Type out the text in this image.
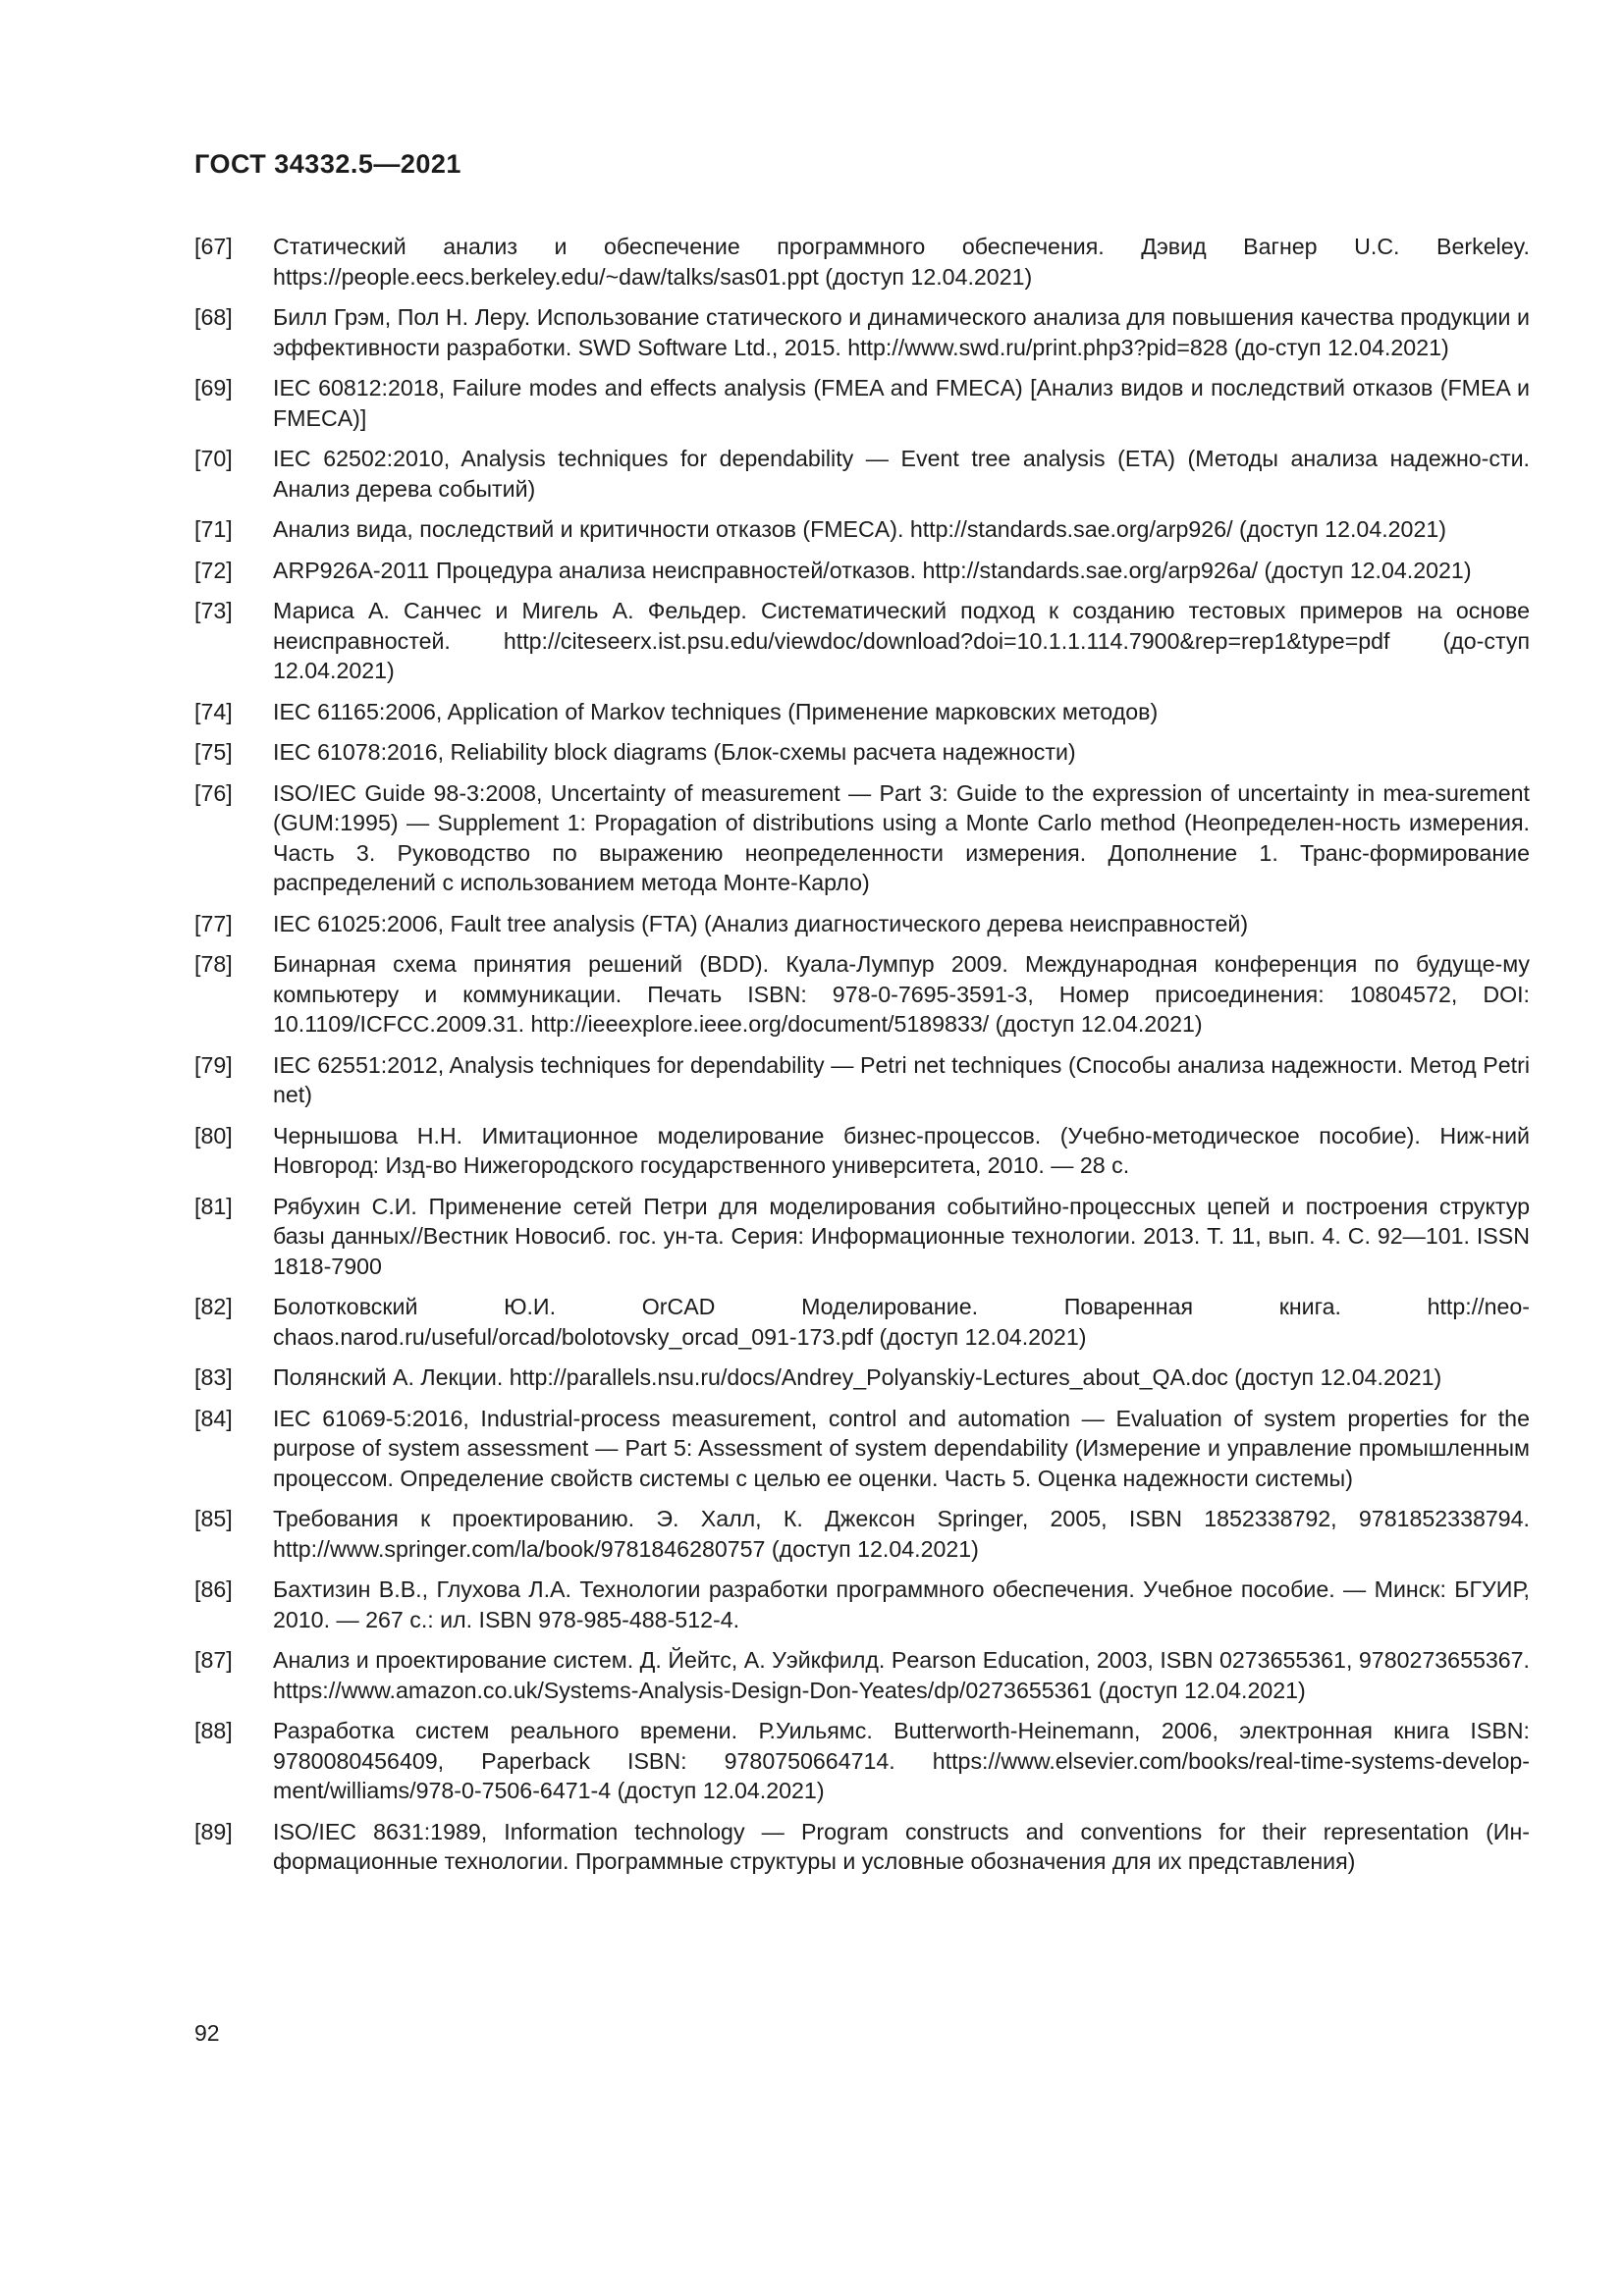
ГОСТ 34332.5—2021
[67]	Статический анализ и обеспечение программного обеспечения. Дэвид Вагнер U.C. Berkeley. https://people.eecs.berkeley.edu/~daw/talks/sas01.ppt (доступ 12.04.2021)
[68]	Билл Грэм, Пол Н. Леру. Использование статического и динамического анализа для повышения качества продукции и эффективности разработки. SWD Software Ltd., 2015. http://www.swd.ru/print.php3?pid=828 (до-ступ 12.04.2021)
[69]	IEC 60812:2018, Failure modes and effects analysis (FMEA and FMECA) [Анализ видов и последствий отказов (FMEA и FMECA)]
[70]	IEC 62502:2010, Analysis techniques for dependability — Event tree analysis (ETA) (Методы анализа надежно-сти. Анализ дерева событий)
[71]	Анализ вида, последствий и критичности отказов (FMECA). http://standards.sae.org/arp926/ (доступ 12.04.2021)
[72]	ARP926A-2011 Процедура анализа неисправностей/отказов. http://standards.sae.org/arp926a/ (доступ 12.04.2021)
[73]	Мариса А. Санчес и Мигель А. Фельдер. Систематический подход к созданию тестовых примеров на основе неисправностей. http://citeseerx.ist.psu.edu/viewdoc/download?doi=10.1.1.114.7900&rep=rep1&type=pdf (до-ступ 12.04.2021)
[74]	IEC 61165:2006, Application of Markov techniques (Применение марковских методов)
[75]	IEC 61078:2016, Reliability block diagrams (Блок-схемы расчета надежности)
[76]	ISO/IEC Guide 98-3:2008, Uncertainty of measurement — Part 3: Guide to the expression of uncertainty in mea-surement (GUM:1995) — Supplement 1: Propagation of distributions using a Monte Carlo method (Неопределен-ность измерения. Часть 3. Руководство по выражению неопределенности измерения. Дополнение 1. Транс-формирование распределений с использованием метода Монте-Карло)
[77]	IEC 61025:2006, Fault tree analysis (FTA) (Анализ диагностического дерева неисправностей)
[78]	Бинарная схема принятия решений (BDD). Куала-Лумпур 2009. Международная конференция по будуще-му компьютеру и коммуникации. Печать ISBN: 978-0-7695-3591-3, Номер присоединения: 10804572, DOI: 10.1109/ICFCC.2009.31. http://ieeexplore.ieee.org/document/5189833/ (доступ 12.04.2021)
[79]	IEC 62551:2012, Analysis techniques for dependability — Petri net techniques (Способы анализа надежности. Метод Petri net)
[80]	Чернышова Н.Н. Имитационное моделирование бизнес-процессов. (Учебно-методическое пособие). Ниж-ний Новгород: Изд-во Нижегородского государственного университета, 2010. — 28 с.
[81]	Рябухин С.И. Применение сетей Петри для моделирования событийно-процессных цепей и построения структур базы данных//Вестник Новосиб. гос. ун-та. Серия: Информационные технологии. 2013. Т. 11, вып. 4. С. 92—101. ISSN 1818-7900
[82]	Болотковский Ю.И. OrCAD Моделирование. Поваренная книга. http://neo-chaos.narod.ru/useful/orcad/bolotovsky_orcad_091-173.pdf (доступ 12.04.2021)
[83]	Полянский А. Лекции. http://parallels.nsu.ru/docs/Andrey_Polyanskiy-Lectures_about_QA.doc (доступ 12.04.2021)
[84]	IEC 61069-5:2016, Industrial-process measurement, control and automation — Evaluation of system properties for the purpose of system assessment — Part 5: Assessment of system dependability (Измерение и управление промышленным процессом. Определение свойств системы с целью ее оценки. Часть 5. Оценка надежности системы)
[85]	Требования к проектированию. Э. Халл, К. Джексон Springer, 2005, ISBN 1852338792, 9781852338794. http://www.springer.com/la/book/9781846280757 (доступ 12.04.2021)
[86]	Бахтизин В.В., Глухова Л.А. Технологии разработки программного обеспечения. Учебное пособие. — Минск: БГУИР, 2010. — 267 с.: ил. ISBN 978-985-488-512-4.
[87]	Анализ и проектирование систем. Д. Йейтс, А. Уэйкфилд. Pearson Education, 2003, ISBN 0273655361, 9780273655367. https://www.amazon.co.uk/Systems-Analysis-Design-Don-Yeates/dp/0273655361 (доступ 12.04.2021)
[88]	Разработка систем реального времени. Р.Уильямс. Butterworth-Heinemann, 2006, электронная книга ISBN: 9780080456409, Paperback ISBN: 9780750664714. https://www.elsevier.com/books/real-time-systems-develop-ment/williams/978-0-7506-6471-4 (доступ 12.04.2021)
[89]	ISO/IEC 8631:1989, Information technology — Program constructs and conventions for their representation (Ин-формационные технологии. Программные структуры и условные обозначения для их представления)
92
